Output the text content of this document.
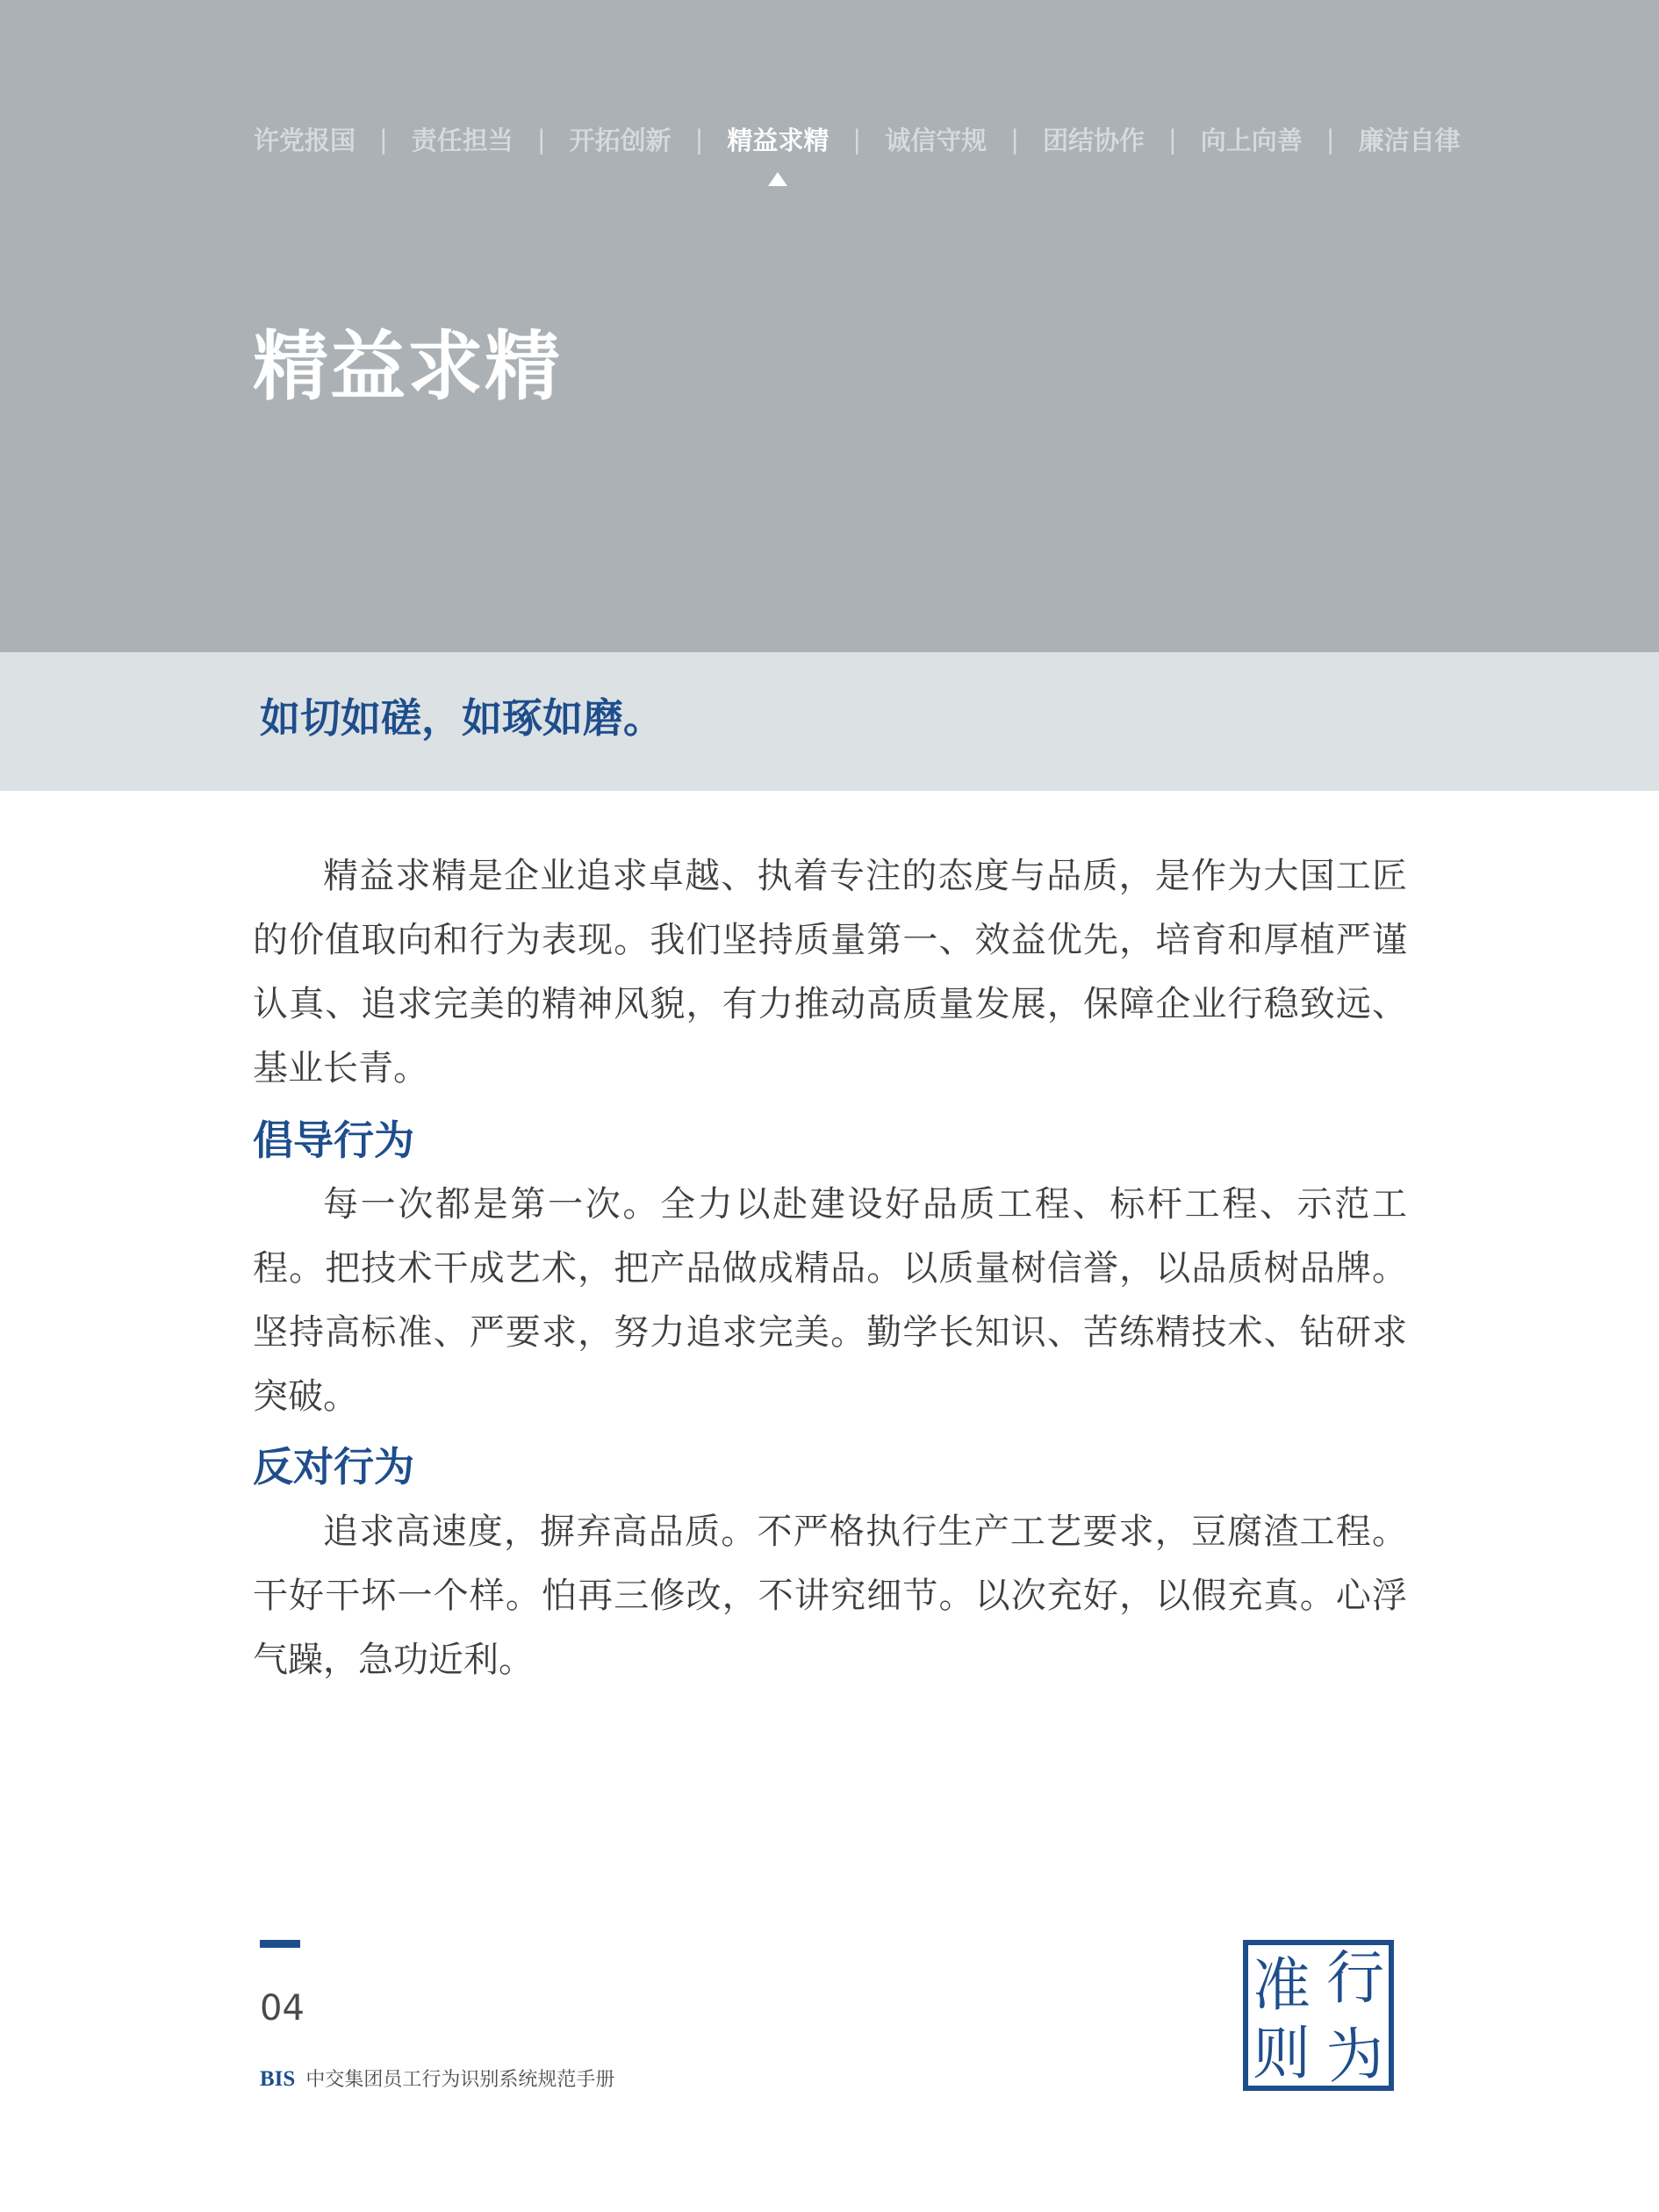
许党报国 | 责任担当 | 开拓创新 | 精益求精 | 诚信守规 | 团结协作 | 向上向善 | 廉洁自律
精益求精
如切如磋，如琢如磨。

精益求精是企业追求卓越、执着专注的态度与品质，是作为大国工匠的价值取向和行为表现。我们坚持质量第一、效益优先，培育和厚植严谨认真、追求完美的精神风貌，有力推动高质量发展，保障企业行稳致远、基业长青。

倡导行为

每一次都是第一次。全力以赴建设好品质工程、标杆工程、示范工程。把技术干成艺术，把产品做成精品。以质量树信誉，以品质树品牌。坚持高标准、严要求，努力追求完美。勤学长知识、苦练精技术、钻研求突破。

反对行为

追求高速度，摒弃高品质。不严格执行生产工艺要求，豆腐渣工程。干好干坏一个样。怕再三修改，不讲究细节。以次充好，以假充真。心浮气躁，急功近利。

04
BIS 中交集团员工行为识别系统规范手册
准 行
则 为
